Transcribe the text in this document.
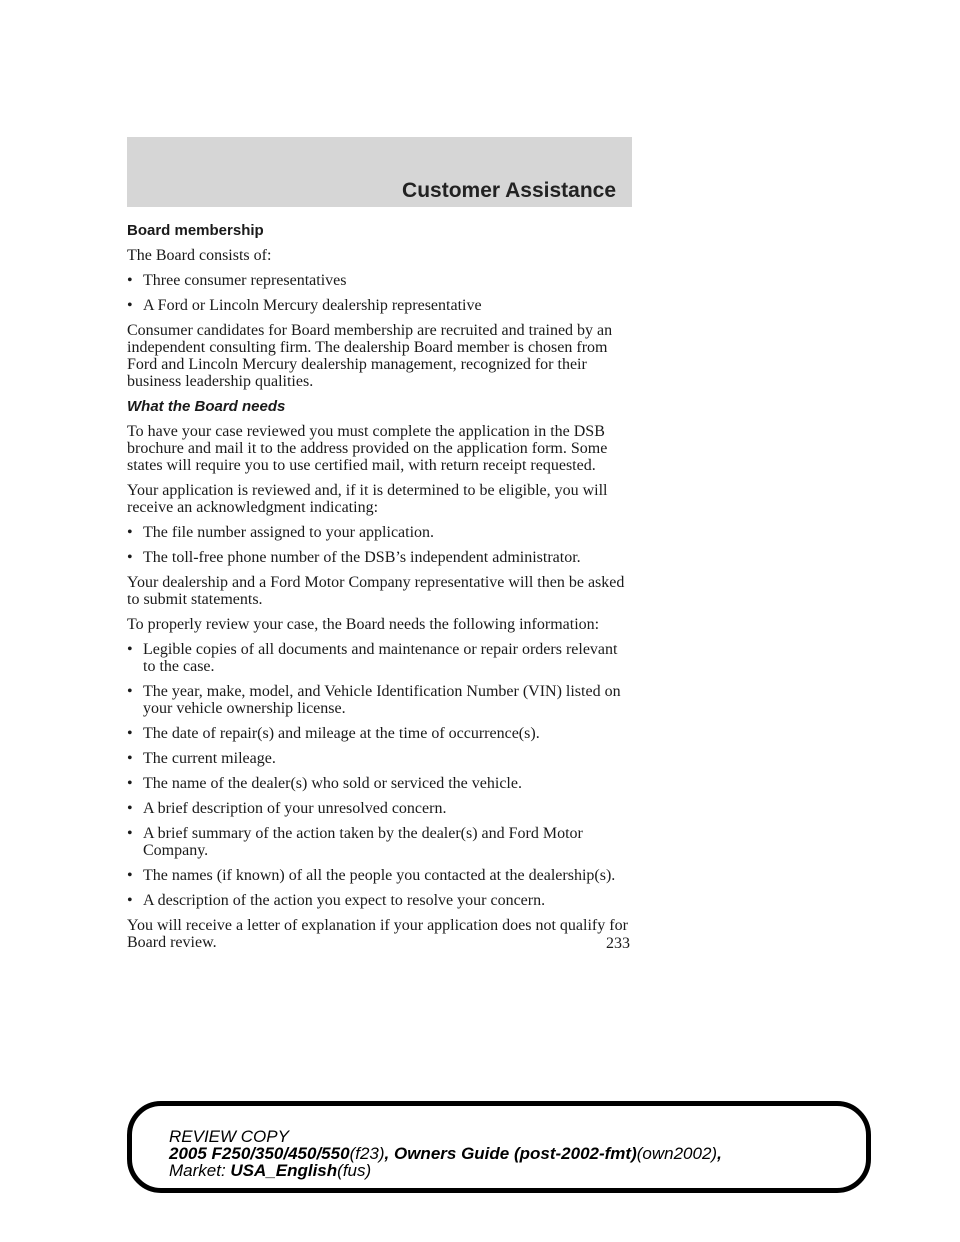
Customer Assistance

Board membership

The Board consists of:

• Three consumer representatives
• A Ford or Lincoln Mercury dealership representative

Consumer candidates for Board membership are recruited and trained by an independent consulting firm. The dealership Board member is chosen from Ford and Lincoln Mercury dealership management, recognized for their business leadership qualities.

What the Board needs

To have your case reviewed you must complete the application in the DSB brochure and mail it to the address provided on the application form. Some states will require you to use certified mail, with return receipt requested.

Your application is reviewed and, if it is determined to be eligible, you will receive an acknowledgment indicating:

• The file number assigned to your application.
• The toll-free phone number of the DSB’s independent administrator.

Your dealership and a Ford Motor Company representative will then be asked to submit statements.

To properly review your case, the Board needs the following information:

• Legible copies of all documents and maintenance or repair orders relevant to the case.
• The year, make, model, and Vehicle Identification Number (VIN) listed on your vehicle ownership license.
• The date of repair(s) and mileage at the time of occurrence(s).
• The current mileage.
• The name of the dealer(s) who sold or serviced the vehicle.
• A brief description of your unresolved concern.
• A brief summary of the action taken by the dealer(s) and Ford Motor Company.
• The names (if known) of all the people you contacted at the dealership(s).
• A description of the action you expect to resolve your concern.

You will receive a letter of explanation if your application does not qualify for Board review.	233
REVIEW COPY
2005 F250/350/450/550(f23), Owners Guide (post-2002-fmt)(own2002),
Market: USA_English(fus)
